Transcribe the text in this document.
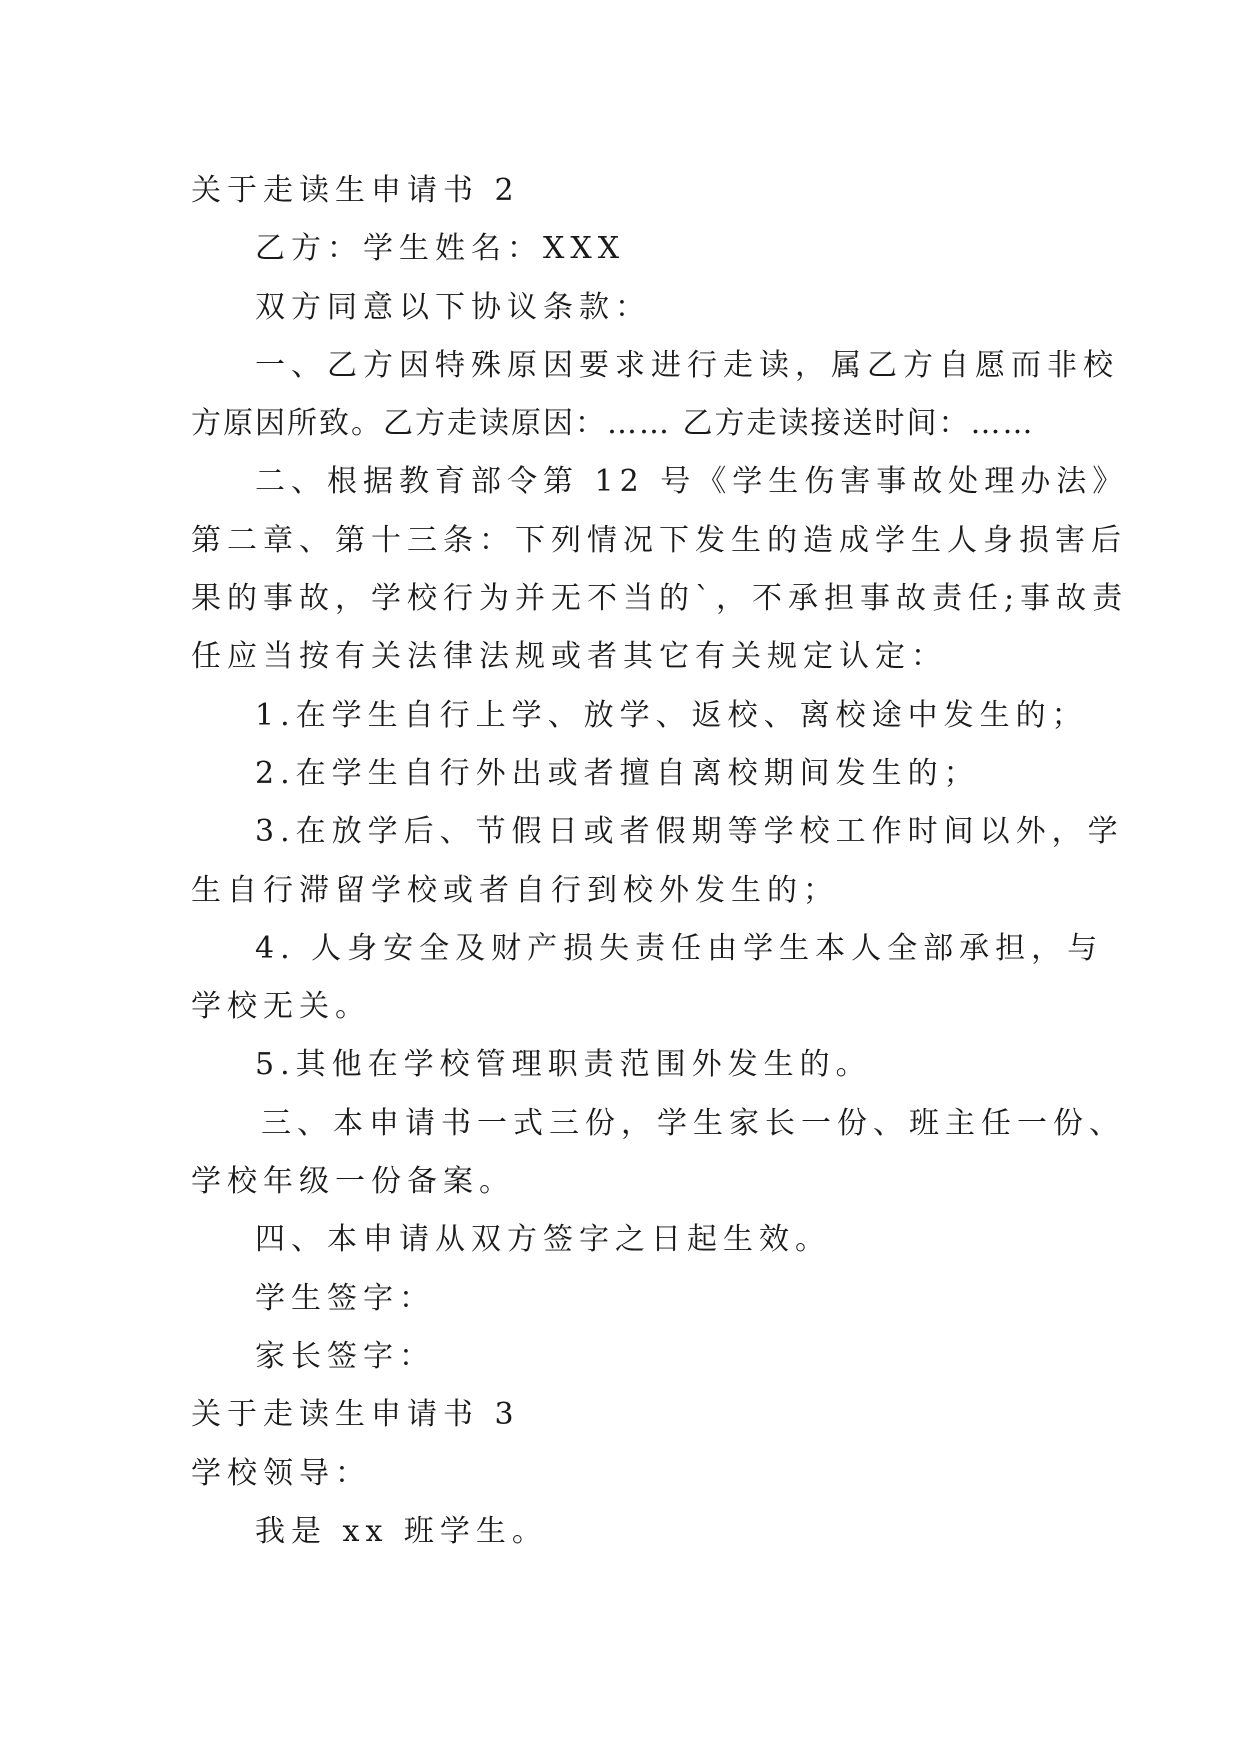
关于走读生申请书 2
乙方：学生姓名：XXX
双方同意以下协议条款：
一、乙方因特殊原因要求进行走读，属乙方自愿而非校
方原因所致。乙方走读原因：…… 乙方走读接送时间：……
二、根据教育部令第 12 号《学生伤害事故处理办法》
第二章、第十三条：下列情况下发生的造成学生人身损害后
果的事故，学校行为并无不当的`，不承担事故责任;事故责
任应当按有关法律法规或者其它有关规定认定：
1.在学生自行上学、放学、返校、离校途中发生的；
2.在学生自行外出或者擅自离校期间发生的；
3.在放学后、节假日或者假期等学校工作时间以外，学
生自行滞留学校或者自行到校外发生的；
4. 人身安全及财产损失责任由学生本人全部承担，与
学校无关。
5.其他在学校管理职责范围外发生的。
三、本申请书一式三份，学生家长一份、班主任一份、
学校年级一份备案。
四、本申请从双方签字之日起生效。
学生签字：
家长签字：
关于走读生申请书 3
学校领导：
我是 xx 班学生。
